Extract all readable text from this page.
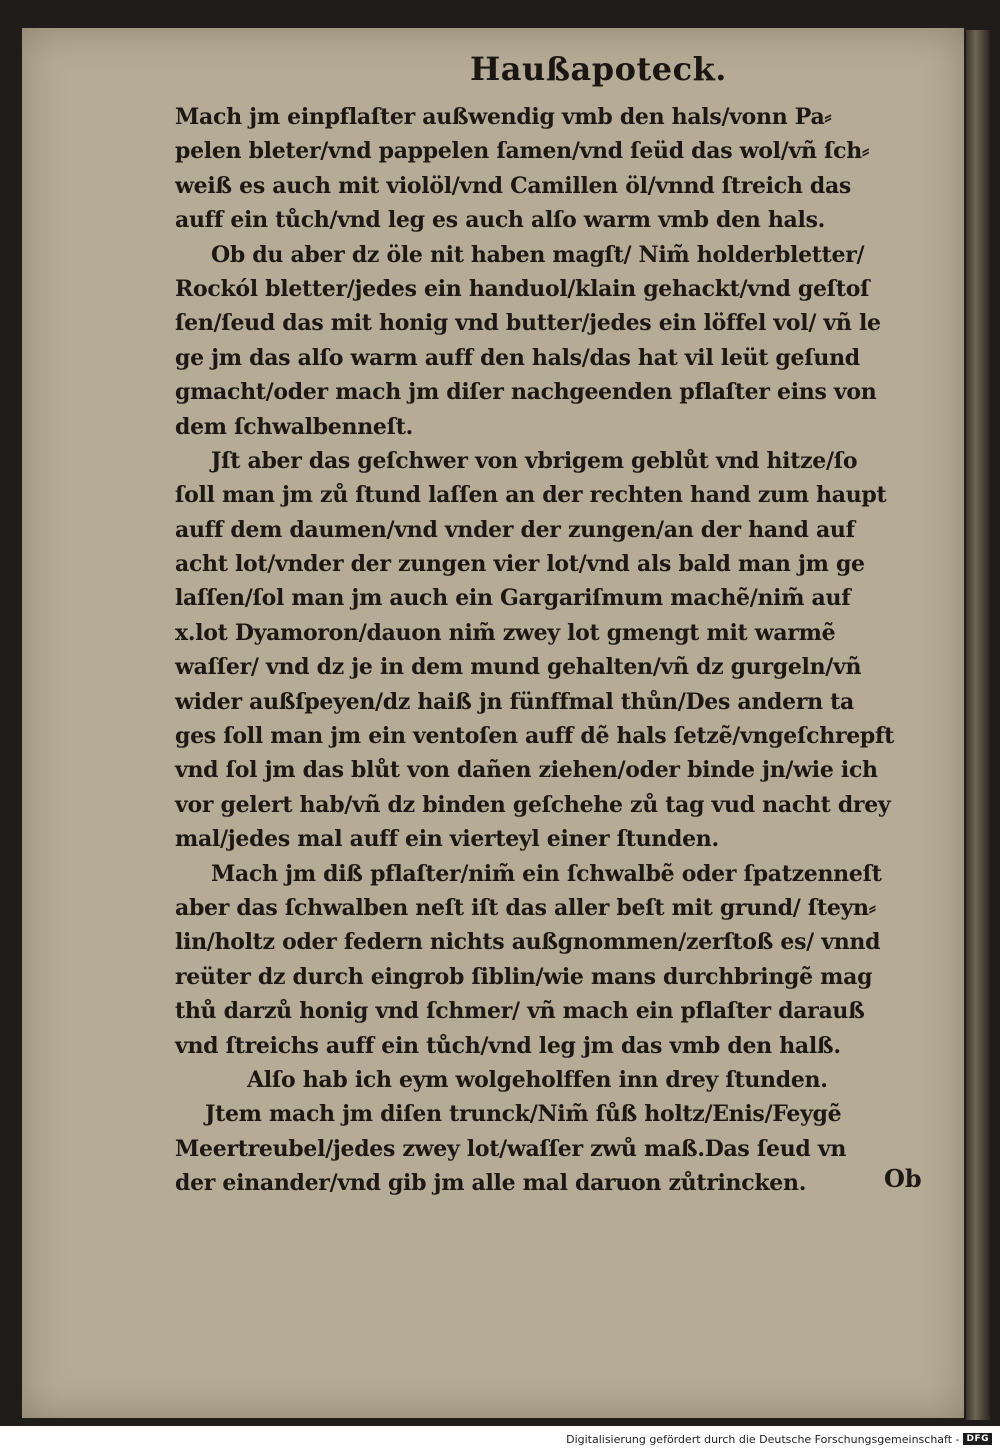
Haußapoteck.
Mach jm einpflaſter außwendig vmb den hals/vonn Pa⸗
pelen bleter/vnd pappelen ſamen/vnd ſeüd das wol/vñ ſch⸗
weiß es auch mit violöl/vnd Camillen öl/vnnd ſtreich das
auff ein tůch/vnd leg es auch alſo warm vmb den hals.
Ob du aber dz öle nit haben magſt/ Nim̃ holderbletter/
Rockól bletter/jedes ein handuol/klain gehackt/vnd geſtoſ
ſen/ſeud das mit honig vnd butter/jedes ein löffel vol/ vñ le
ge jm das alſo warm auff den hals/das hat vil leüt geſund
gmacht/oder mach jm diſer nachgeenden pflaſter eins von
dem ſchwalbenneſt.
Jſt aber das geſchwer von vbrigem geblůt vnd hitze/ſo
ſoll man jm zů ſtund laſſen an der rechten hand zum haupt
auff dem daumen/vnd vnder der zungen/an der hand auf
acht lot/vnder der zungen vier lot/vnd als bald man jm ge
laſſen/ſol man jm auch ein Gargariſmum machẽ/nim̃ auf
x.lot Dyamoron/dauon nim̃ zwey lot gmengt mit warmẽ
waſſer/ vnd dz je in dem mund gehalten/vñ dz gurgeln/vñ
wider außſpeyen/dz haiß jn fünffmal thůn/Des andern ta
ges ſoll man jm ein ventoſen auff dẽ hals ſetzẽ/vngeſchrepft
vnd ſol jm das blůt von dañen ziehen/oder binde jn/wie ich
vor gelert hab/vñ dz binden geſchehe zů tag vud nacht drey
mal/jedes mal auff ein vierteyl einer ſtunden.
Mach jm diß pflaſter/nim̃ ein ſchwalbẽ oder ſpatzenneſt
aber das ſchwalben neſt iſt das aller beſt mit grund/ ſteyn⸗
lin/holtz oder federn nichts außgnommen/zerſtoß es/ vnnd
reüter dz durch eingrob ſiblin/wie mans durchbringẽ mag
thů darzů honig vnd ſchmer/ vñ mach ein pflaſter darauß
vnd ſtreichs auff ein tůch/vnd leg jm das vmb den halß.
Alſo hab ich eym wolgeholffen inn drey ſtunden.
Jtem mach jm diſen trunck/Nim̃ ſůß holtz/Enis/Feygẽ
Meertreubel/jedes zwey lot/waſſer zwů maß.Das ſeud vn
der einander/vnd gib jm alle mal daruon zůtrincken.	Ob
Digitalisierung gefördert durch die Deutsche Forschungsgemeinschaft - DFG
